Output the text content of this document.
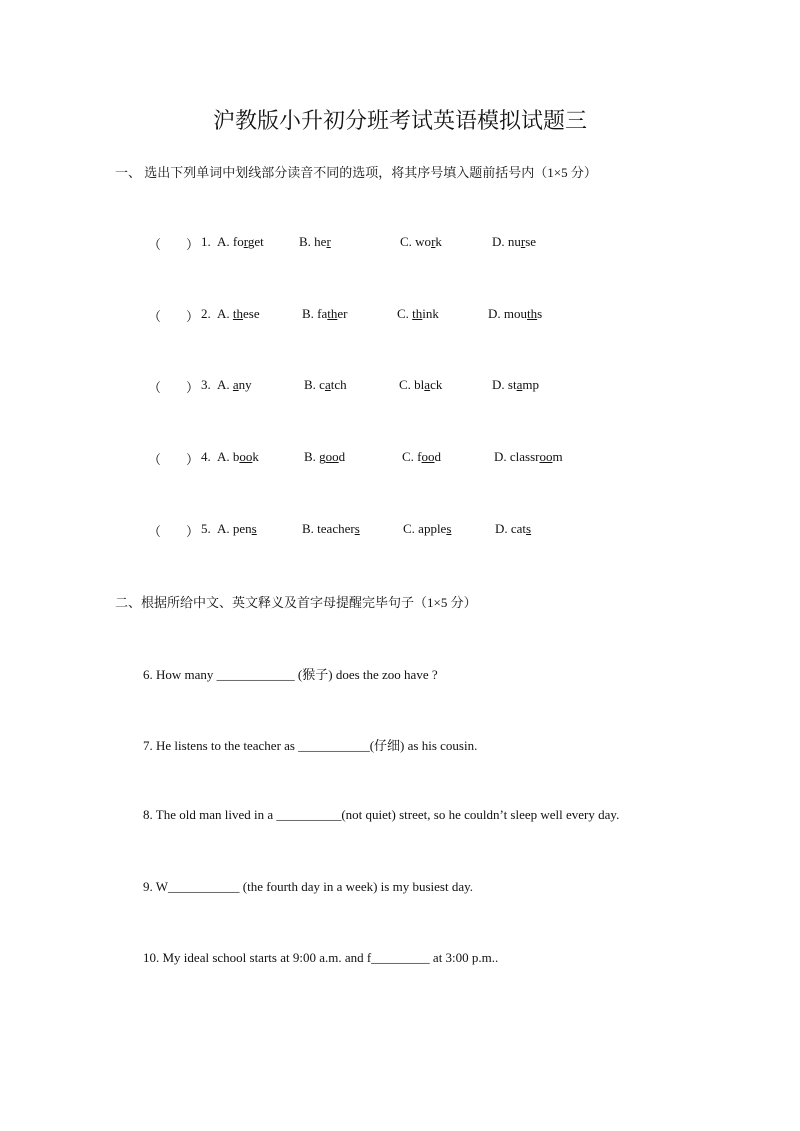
沪教版小升初分班考试英语模拟试题三
一、 选出下列单词中划线部分读音不同的选项，将其序号填入题前括号内（1×5 分）
（ ） 1. A. forget	B. her	C. work	D. nurse
（ ） 2. A. these	B. father	C. think	D. mouths
（ ） 3. A. any	B. catch	C. black	D. stamp
（ ） 4. A. book	B. good	C. food	D. classroom
（ ） 5. A. pens	B. teachers	C. apples	D. cats
二、根据所给中文、英文释义及首字母提醒完毕句子（1×5 分）
6. How many ____________ (猴子) does the zoo have ?
7. He listens to the teacher as ___________(仔细) as his cousin.
8. The old man lived in a __________(not quiet) street, so he couldn’t sleep well every day.
9. W___________ (the fourth day in a week) is my busiest day.
10. My ideal school starts at 9:00 a.m. and f_________ at 3:00 p.m..
